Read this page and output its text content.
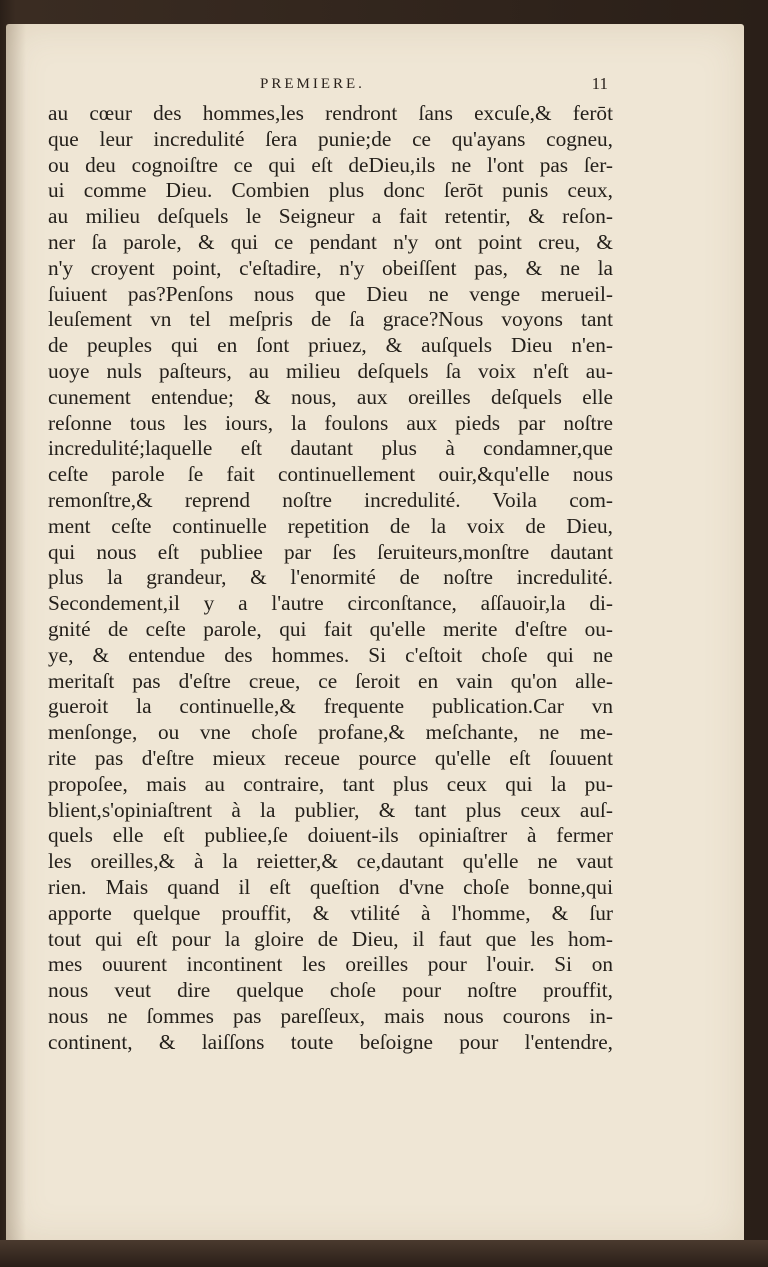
PREMIERE.	11
au cœur des hommes,les rendront ſans excuſe,& ferōt
que leur incredulité ſera punie;de ce qu'ayans cogneu,
ou deu cognoiſtre ce qui eſt deDieu,ils ne l'ont pas ſer-
ui comme Dieu. Combien plus donc ſerōt punis ceux,
au milieu deſquels le Seigneur a fait retentir, & reſon-
ner ſa parole, & qui ce pendant n'y ont point creu, &
n'y croyent point, c'eſtadire, n'y obeiſſent pas, & ne la
ſuiuent pas?Penſons nous que Dieu ne venge merueil-
leuſement vn tel meſpris de ſa grace?Nous voyons tant
de peuples qui en ſont priuez, & auſquels Dieu n'en-
uoye nuls paſteurs, au milieu deſquels ſa voix n'eſt au-
cunement entendue; & nous, aux oreilles deſquels elle
reſonne tous les iours, la foulons aux pieds par noſtre
incredulité;laquelle eſt dautant plus à condamner,que
ceſte parole ſe fait continuellement ouir,&qu'elle nous
remonſtre,& reprend noſtre incredulité. Voila com-
ment ceſte continuelle repetition de la voix de Dieu,
qui nous eſt publiee par ſes ſeruiteurs,monſtre dautant
plus la grandeur, & l'enormité de noſtre incredulité.
Secondement,il y a l'autre circonſtance, aſſauoir,la di-
gnité de ceſte parole, qui fait qu'elle merite d'eſtre ou-
ye, & entendue des hommes. Si c'eſtoit choſe qui ne
meritaſt pas d'eſtre creue, ce ſeroit en vain qu'on alle-
gueroit la continuelle,& frequente publication.Car vn
menſonge, ou vne choſe profane,& meſchante, ne me-
rite pas d'eſtre mieux receue pource qu'elle eſt ſouuent
propoſee, mais au contraire, tant plus ceux qui la pu-
blient,s'opiniaſtrent à la publier, & tant plus ceux auſ-
quels elle eſt publiee,ſe doiuent-ils opiniaſtrer à fermer
les oreilles,& à la reietter,& ce,dautant qu'elle ne vaut
rien. Mais quand il eſt queſtion d'vne choſe bonne,qui
apporte quelque prouffit, & vtilité à l'homme, & ſur
tout qui eſt pour la gloire de Dieu, il faut que les hom-
mes ouurent incontinent les oreilles pour l'ouir. Si on
nous veut dire quelque choſe pour noſtre prouffit,
nous ne ſommes pas pareſſeux, mais nous courons in-
continent, & laiſſons toute beſoigne pour l'entendre,
